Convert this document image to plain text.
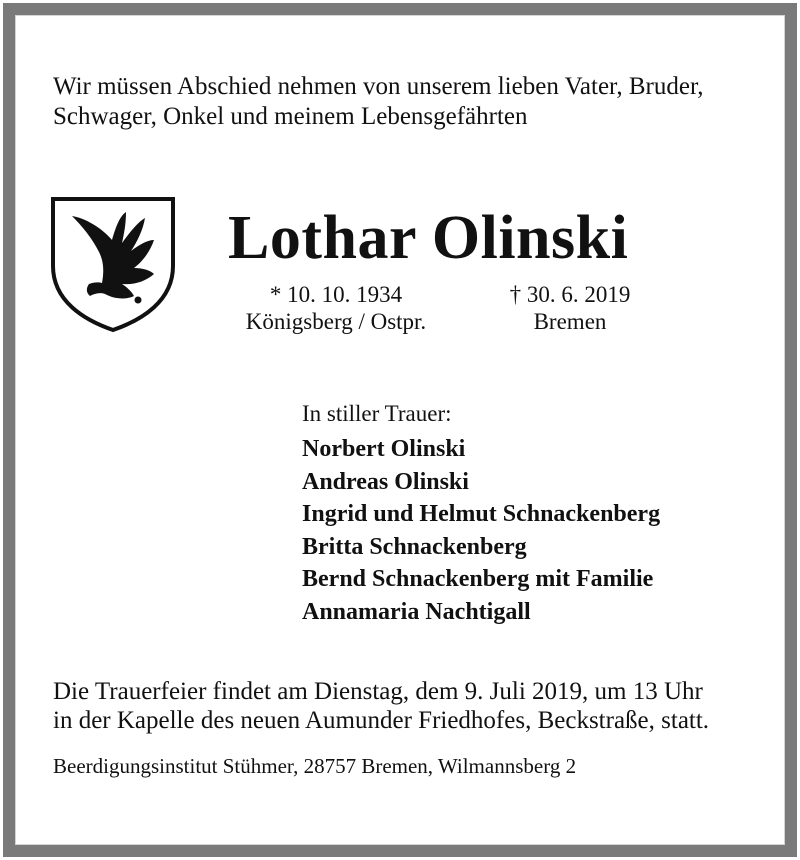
Wir müssen Abschied nehmen von unserem lieben Vater, Bruder,
Schwager, Onkel und meinem Lebensgefährten
Lothar Olinski
* 10. 10. 1934
Königsberg / Ostpr.
† 30. 6. 2019
Bremen
In stiller Trauer:
Norbert Olinski
Andreas Olinski
Ingrid und Helmut Schnackenberg
Britta Schnackenberg
Bernd Schnackenberg mit Familie
Annamaria Nachtigall
Die Trauerfeier findet am Dienstag, dem 9. Juli 2019, um 13 Uhr
in der Kapelle des neuen Aumunder Friedhofes, Beckstraße, statt.
Beerdigungsinstitut Stühmer, 28757 Bremen, Wilmannsberg 2
